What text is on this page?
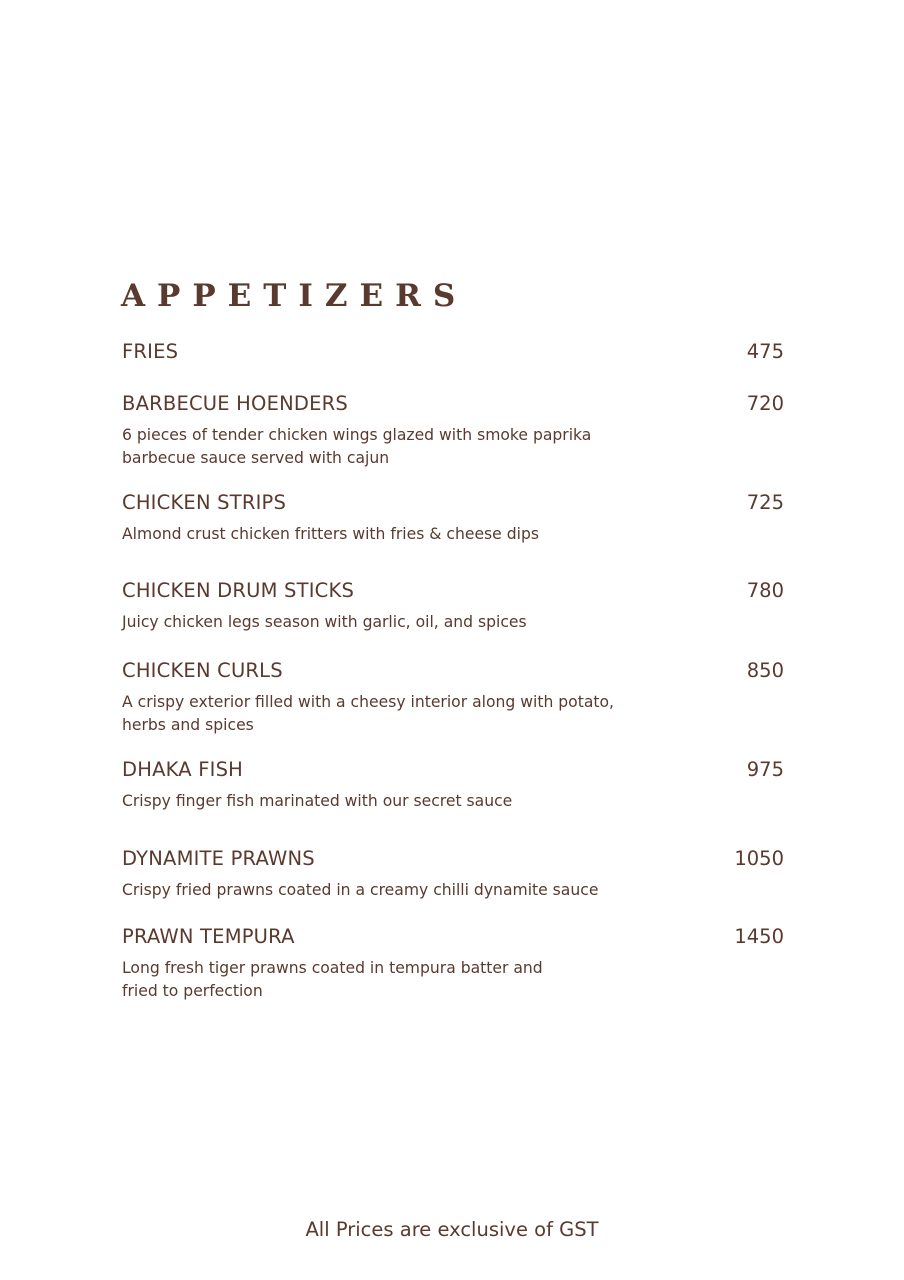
APPETIZERS
FRIES	475
BARBECUE HOENDERS	720
6 pieces of tender chicken wings glazed with smoke paprika
barbecue sauce served with cajun
CHICKEN STRIPS	725
Almond crust chicken fritters with fries & cheese dips
CHICKEN DRUM STICKS	780
Juicy chicken legs season with garlic, oil, and spices
CHICKEN CURLS	850
A crispy exterior filled with a cheesy interior along with potato,
herbs and spices
DHAKA FISH	975
Crispy finger fish marinated with our secret sauce
DYNAMITE PRAWNS	1050
Crispy fried prawns coated in a creamy chilli dynamite sauce
PRAWN TEMPURA	1450
Long fresh tiger prawns coated in tempura batter and
fried to perfection
All Prices are exclusive of GST
